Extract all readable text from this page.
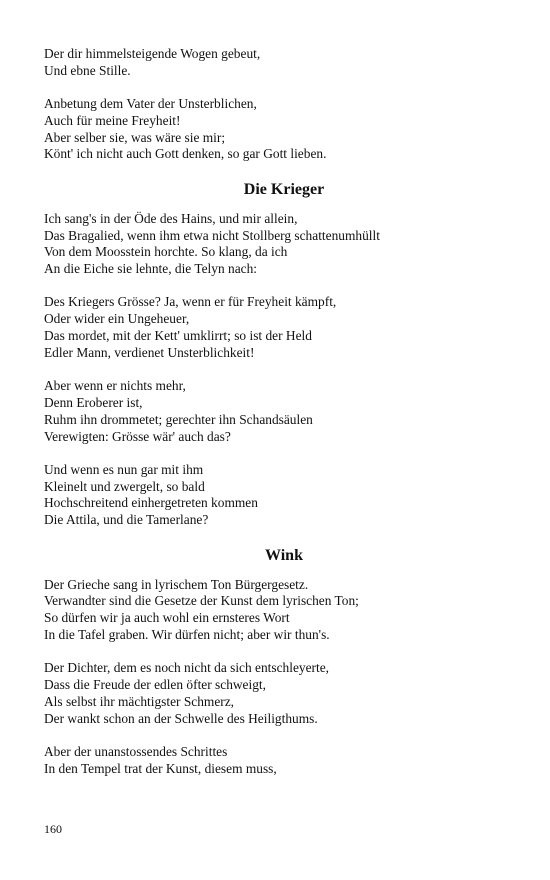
Der dir himmelsteigende Wogen gebeut,
Und ebne Stille.
Anbetung dem Vater der Unsterblichen,
Auch für meine Freyheit!
Aber selber sie, was wäre sie mir;
Könt' ich nicht auch Gott denken, so gar Gott lieben.
Die Krieger
Ich sang's in der Öde des Hains, und mir allein,
Das Bragalied, wenn ihm etwa nicht Stollberg schattenumhüllt
Von dem Moosstein horchte. So klang, da ich
An die Eiche sie lehnte, die Telyn nach:
Des Kriegers Grösse? Ja, wenn er für Freyheit kämpft,
Oder wider ein Ungeheuer,
Das mordet, mit der Kett' umklirrt; so ist der Held
Edler Mann, verdienet Unsterblichkeit!
Aber wenn er nichts mehr,
Denn Eroberer ist,
Ruhm ihn drommetet; gerechter ihn Schandsäulen
Verewigten: Grösse wär' auch das?
Und wenn es nun gar mit ihm
Kleinelt und zwergelt, so bald
Hochschreitend einhergetreten kommen
Die Attila, und die Tamerlane?
Wink
Der Grieche sang in lyrischem Ton Bürgergesetz.
Verwandter sind die Gesetze der Kunst dem lyrischen Ton;
So dürfen wir ja auch wohl ein ernsteres Wort
In die Tafel graben. Wir dürfen nicht; aber wir thun's.
Der Dichter, dem es noch nicht da sich entschleyerte,
Dass die Freude der edlen öfter schweigt,
Als selbst ihr mächtigster Schmerz,
Der wankt schon an der Schwelle des Heiligthums.
Aber der unanstossendes Schrittes
In den Tempel trat der Kunst, diesem muss,
160
